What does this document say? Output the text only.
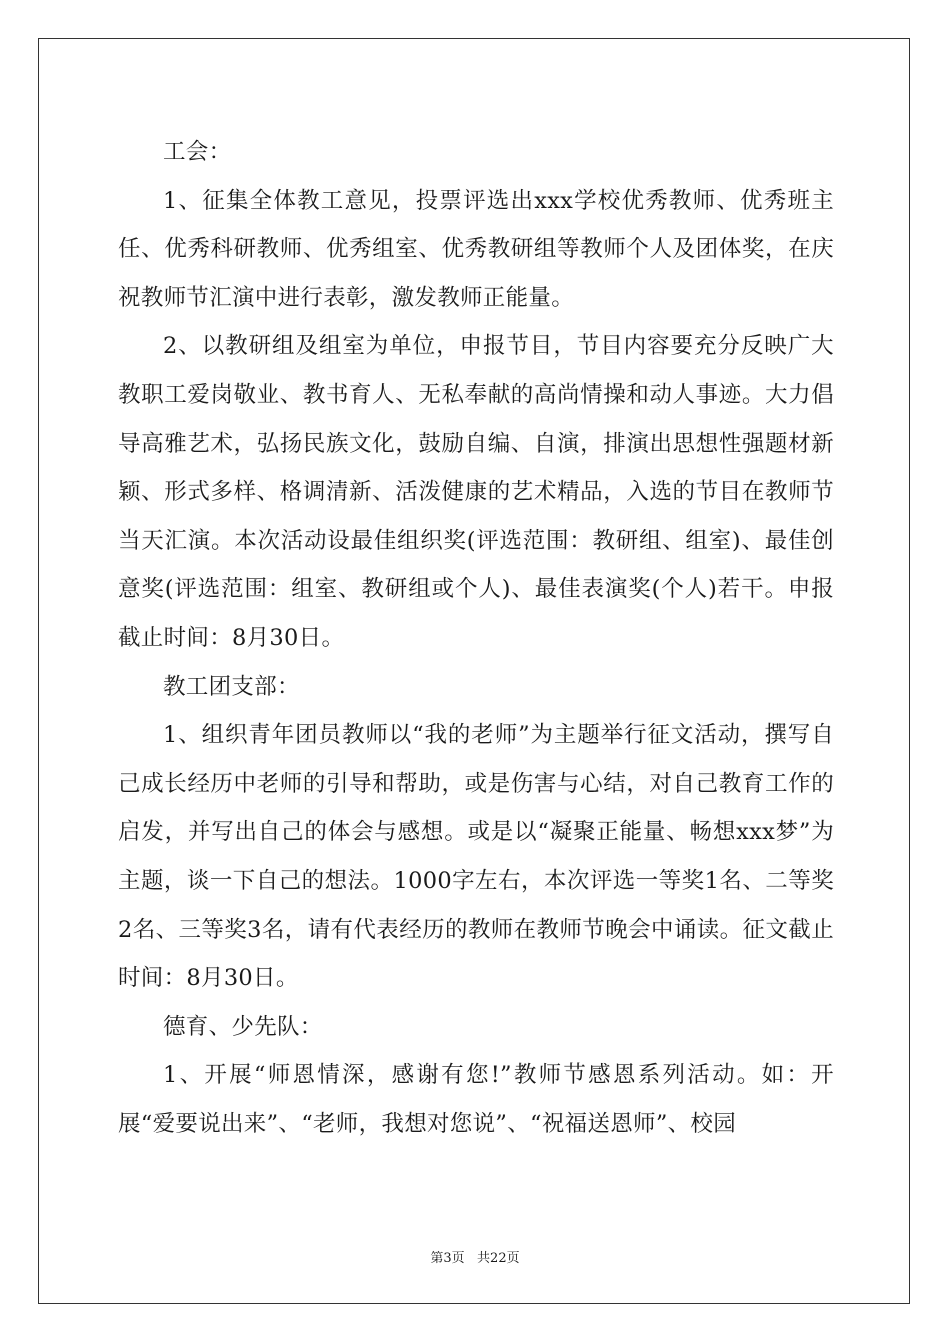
工会：

1、征集全体教工意见，投票评选出xxx学校优秀教师、优秀班主任、优秀科研教师、优秀组室、优秀教研组等教师个人及团体奖，在庆祝教师节汇演中进行表彰，激发教师正能量。

2、以教研组及组室为单位，申报节目，节目内容要充分反映广大教职工爱岗敬业、教书育人、无私奉献的高尚情操和动人事迹。大力倡导高雅艺术，弘扬民族文化，鼓励自编、自演，排演出思想性强题材新颖、形式多样、格调清新、活泼健康的艺术精品，入选的节目在教师节当天汇演。本次活动设最佳组织奖(评选范围：教研组、组室)、最佳创意奖(评选范围：组室、教研组或个人)、最佳表演奖(个人)若干。申报截止时间：8月30日。

教工团支部：

1、组织青年团员教师以“我的老师”为主题举行征文活动，撰写自己成长经历中老师的引导和帮助，或是伤害与心结，对自己教育工作的启发，并写出自己的体会与感想。或是以“凝聚正能量、畅想xxx梦”为主题，谈一下自己的想法。1000字左右，本次评选一等奖1名、二等奖2名、三等奖3名，请有代表经历的教师在教师节晚会中诵读。征文截止时间：8月30日。

德育、少先队：

1、开展“师恩情深，感谢有您!”教师节感恩系列活动。如：开展“爱要说出来”、“老师，我想对您说”、“祝福送恩师”、校园

第3页   共22页
